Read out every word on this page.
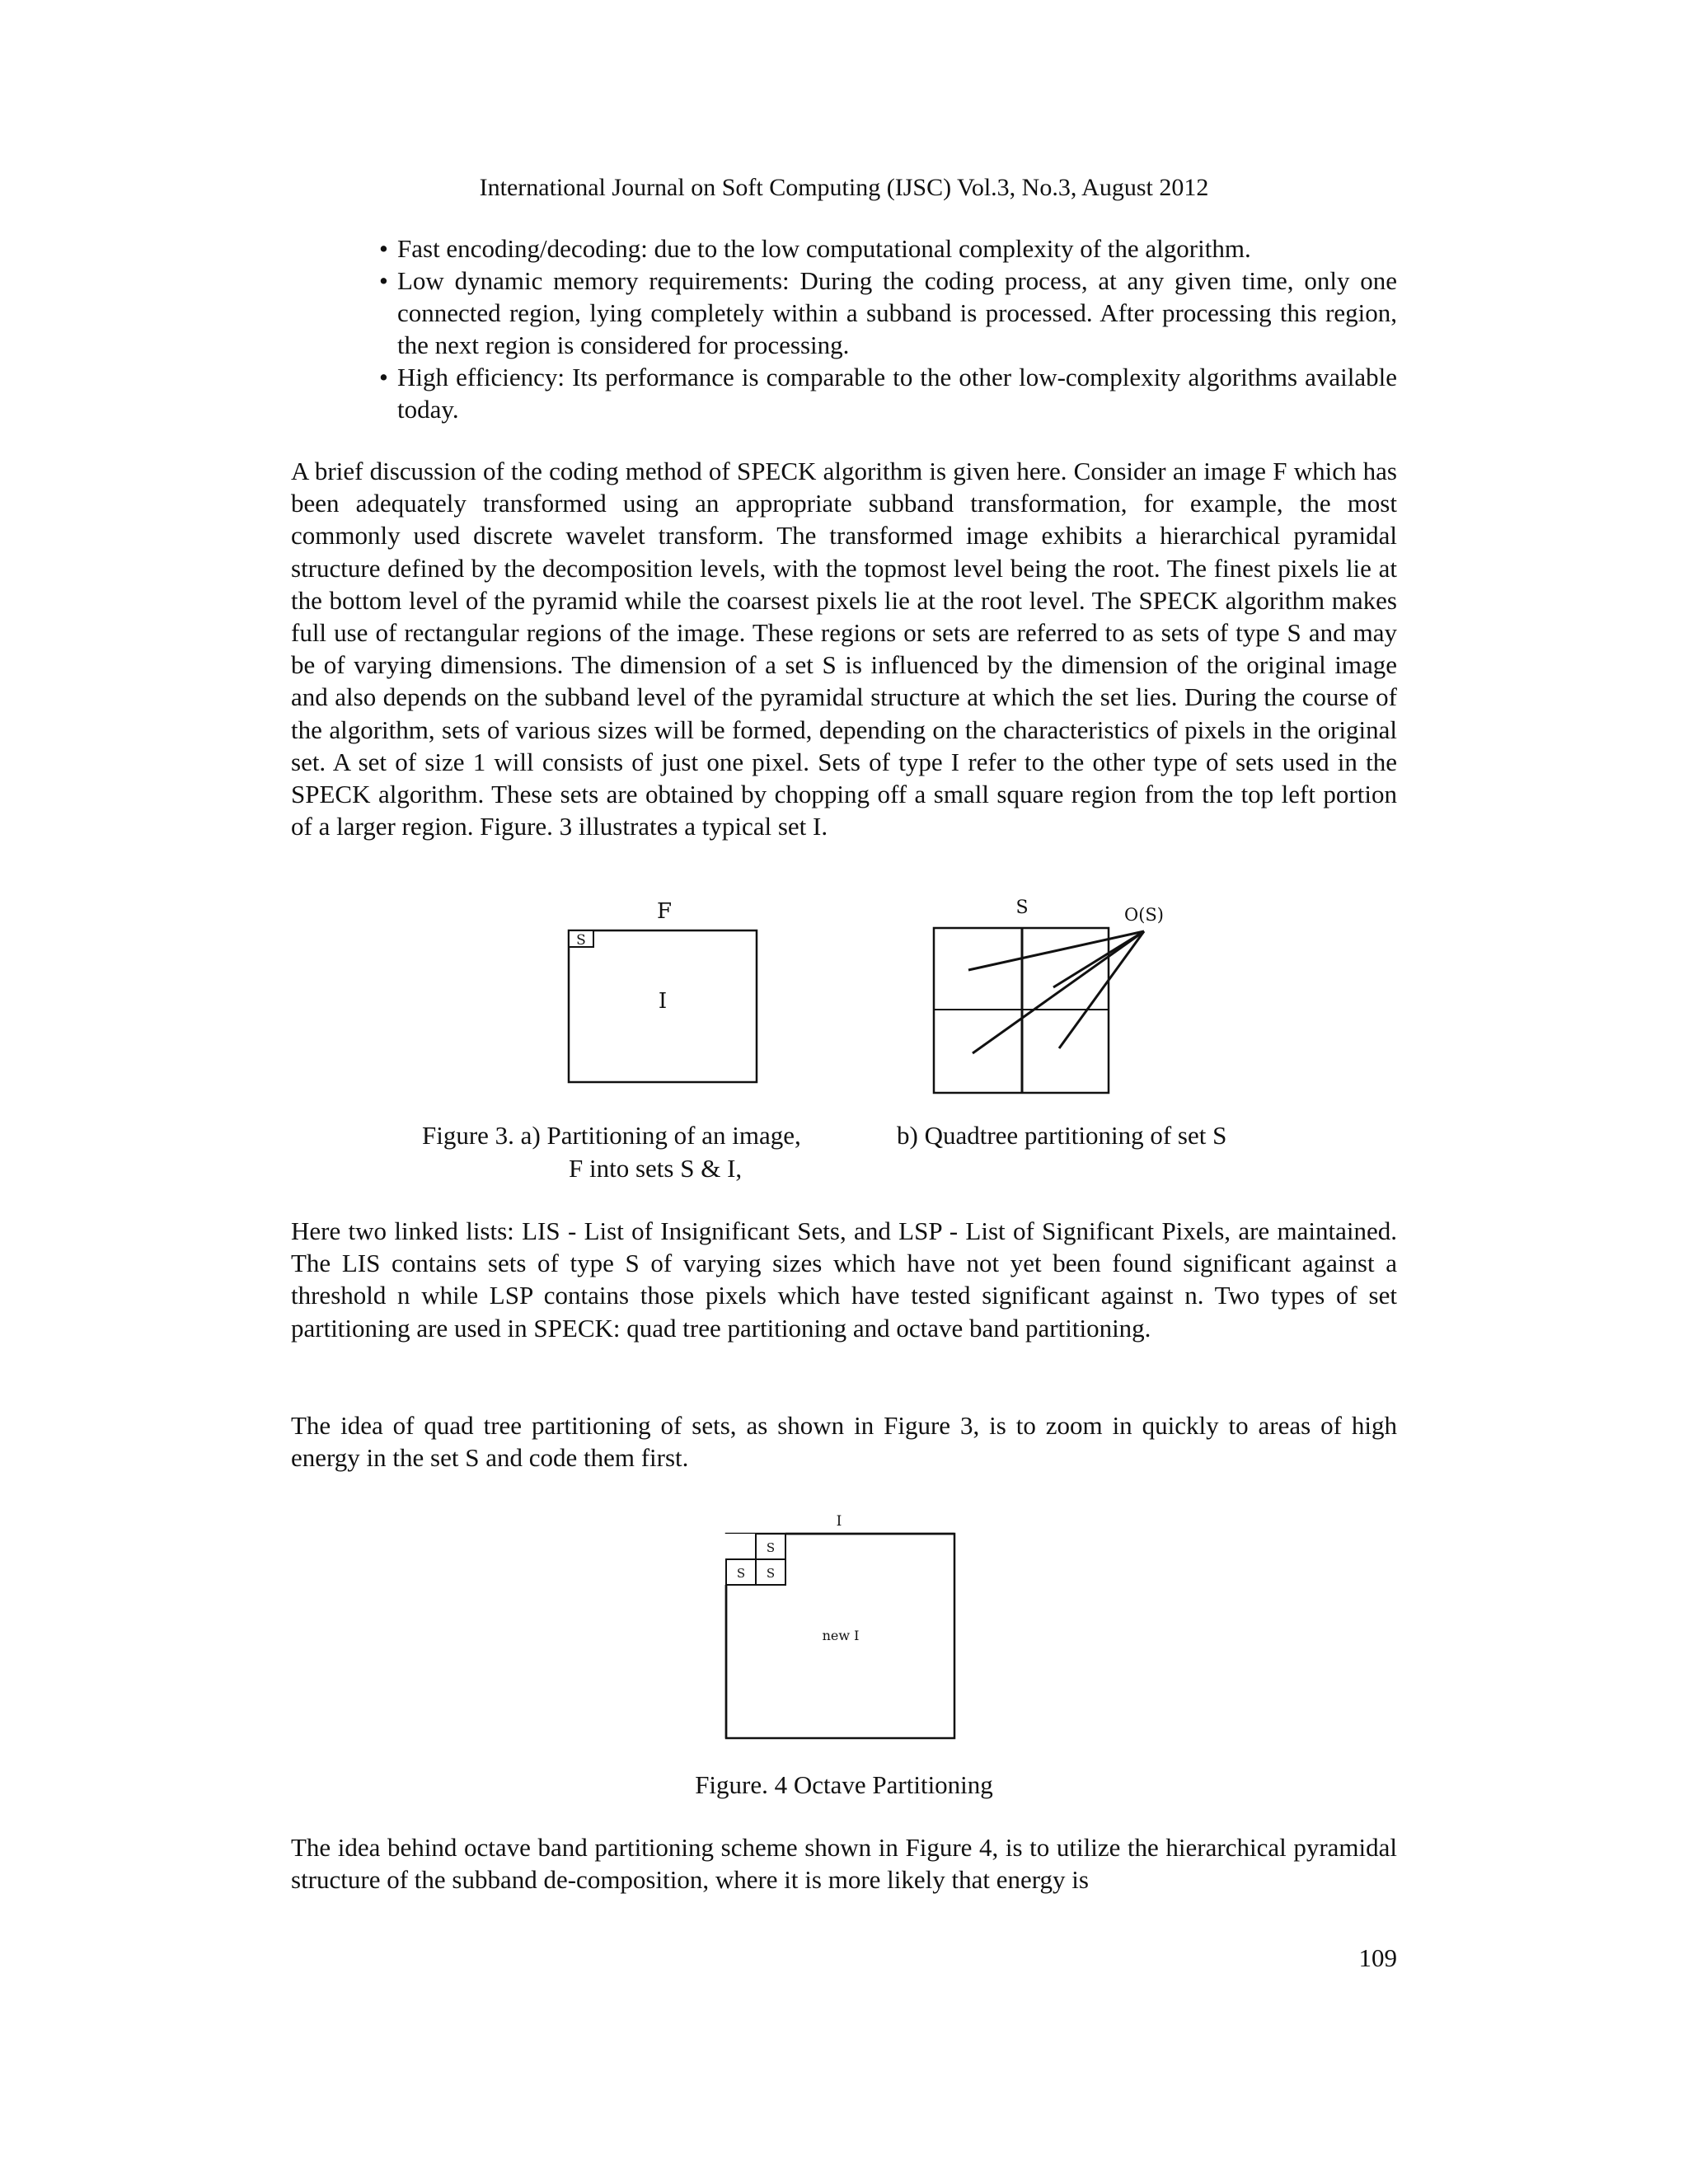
International Journal on Soft Computing (IJSC) Vol.3, No.3, August 2012
• Fast encoding/decoding: due to the low computational complexity of the algorithm.
• Low dynamic memory requirements: During the coding process, at any given time, only one connected region, lying completely within a subband is processed. After processing this region, the next region is considered for processing.
• High efficiency: Its performance is comparable to the other low-complexity algorithms available today.

A brief discussion of the coding method of SPECK algorithm is given here. Consider an image F which has been adequately transformed using an appropriate subband transformation, for example, the most commonly used discrete wavelet transform. The transformed image exhibits a hierarchical pyramidal structure defined by the decomposition levels, with the topmost level being the root. The finest pixels lie at the bottom level of the pyramid while the coarsest pixels lie at the root level. The SPECK algorithm makes full use of rectangular regions of the image. These regions or sets are referred to as sets of type S and may be of varying dimensions. The dimension of a set S is influenced by the dimension of the original image and also depends on the subband level of the pyramidal structure at which the set lies. During the course of the algorithm, sets of various sizes will be formed, depending on the characteristics of pixels in the original set. A set of size 1 will consists of just one pixel. Sets of type I refer to the other type of sets used in the SPECK algorithm. These sets are obtained by chopping off a small square region from the top left portion of a larger region. Figure. 3 illustrates a typical set I.

F
S
I
S	O(S)
Figure 3. a) Partitioning of an image,
F into sets S & I,
b) Quadtree partitioning of set S

Here two linked lists: LIS - List of Insignificant Sets, and LSP - List of Significant Pixels, are maintained. The LIS contains sets of type S of varying sizes which have not yet been found significant against a threshold n while LSP contains those pixels which have tested significant against n. Two types of set partitioning are used in SPECK: quad tree partitioning and octave band partitioning.

The idea of quad tree partitioning of sets, as shown in Figure 3, is to zoom in quickly to areas of high energy in the set S and code them first.

I
S
S S
new I
Figure. 4 Octave Partitioning

The idea behind octave band partitioning scheme shown in Figure 4, is to utilize the hierarchical pyramidal structure of the subband de-composition, where it is more likely that energy is

109
